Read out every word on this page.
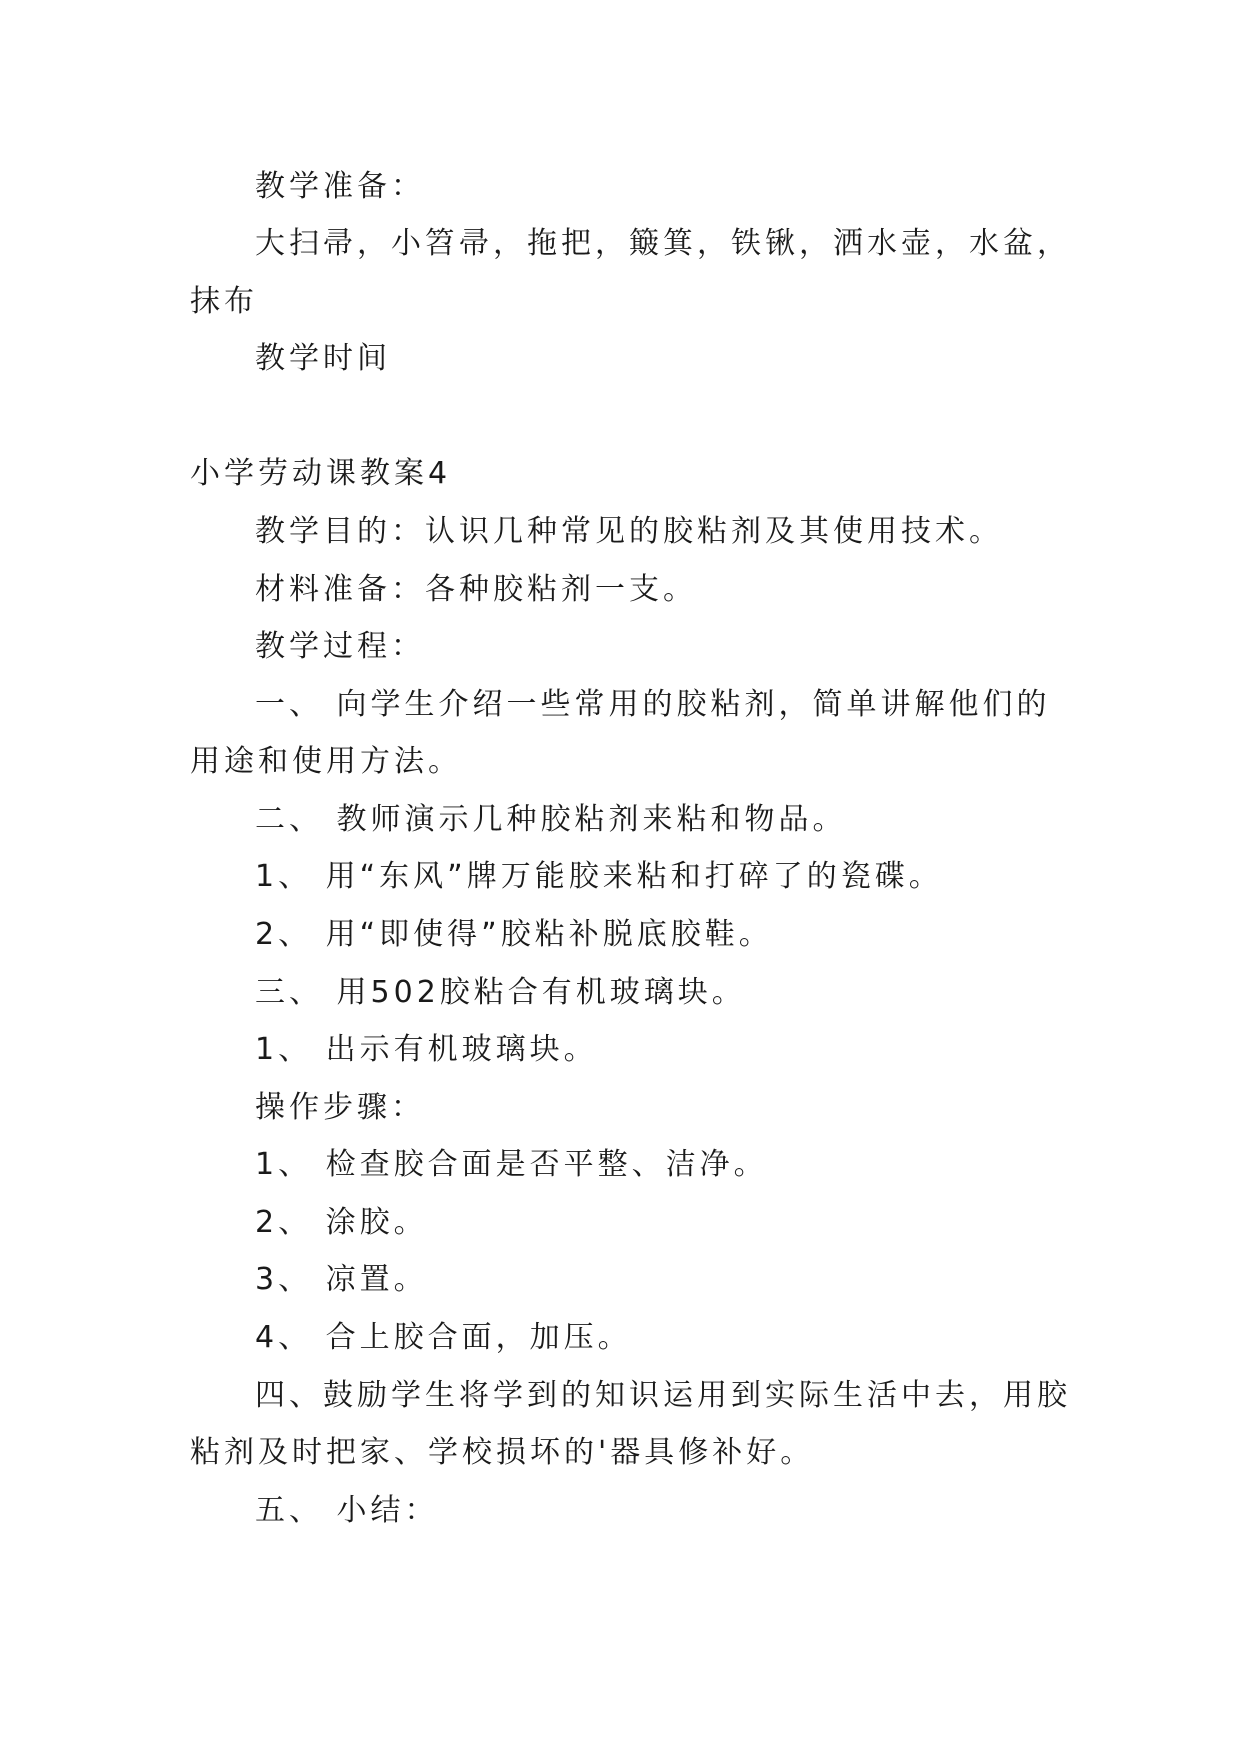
教学准备：
大扫帚，小笤帚，拖把，簸箕，铁锹，洒水壶，水盆，
抹布
教学时间
小学劳动课教案4
教学目的：认识几种常见的胶粘剂及其使用技术。
材料准备：各种胶粘剂一支。
教学过程：
一、 向学生介绍一些常用的胶粘剂，简单讲解他们的
用途和使用方法。
二、 教师演示几种胶粘剂来粘和物品。
1、 用“东风”牌万能胶来粘和打碎了的瓷碟。
2、 用“即使得”胶粘补脱底胶鞋。
三、 用502胶粘合有机玻璃块。
1、 出示有机玻璃块。
操作步骤：
1、 检查胶合面是否平整、洁净。
2、 涂胶。
3、 凉置。
4、 合上胶合面，加压。
四、鼓励学生将学到的知识运用到实际生活中去，用胶
粘剂及时把家、学校损坏的'器具修补好。
五、 小结：
